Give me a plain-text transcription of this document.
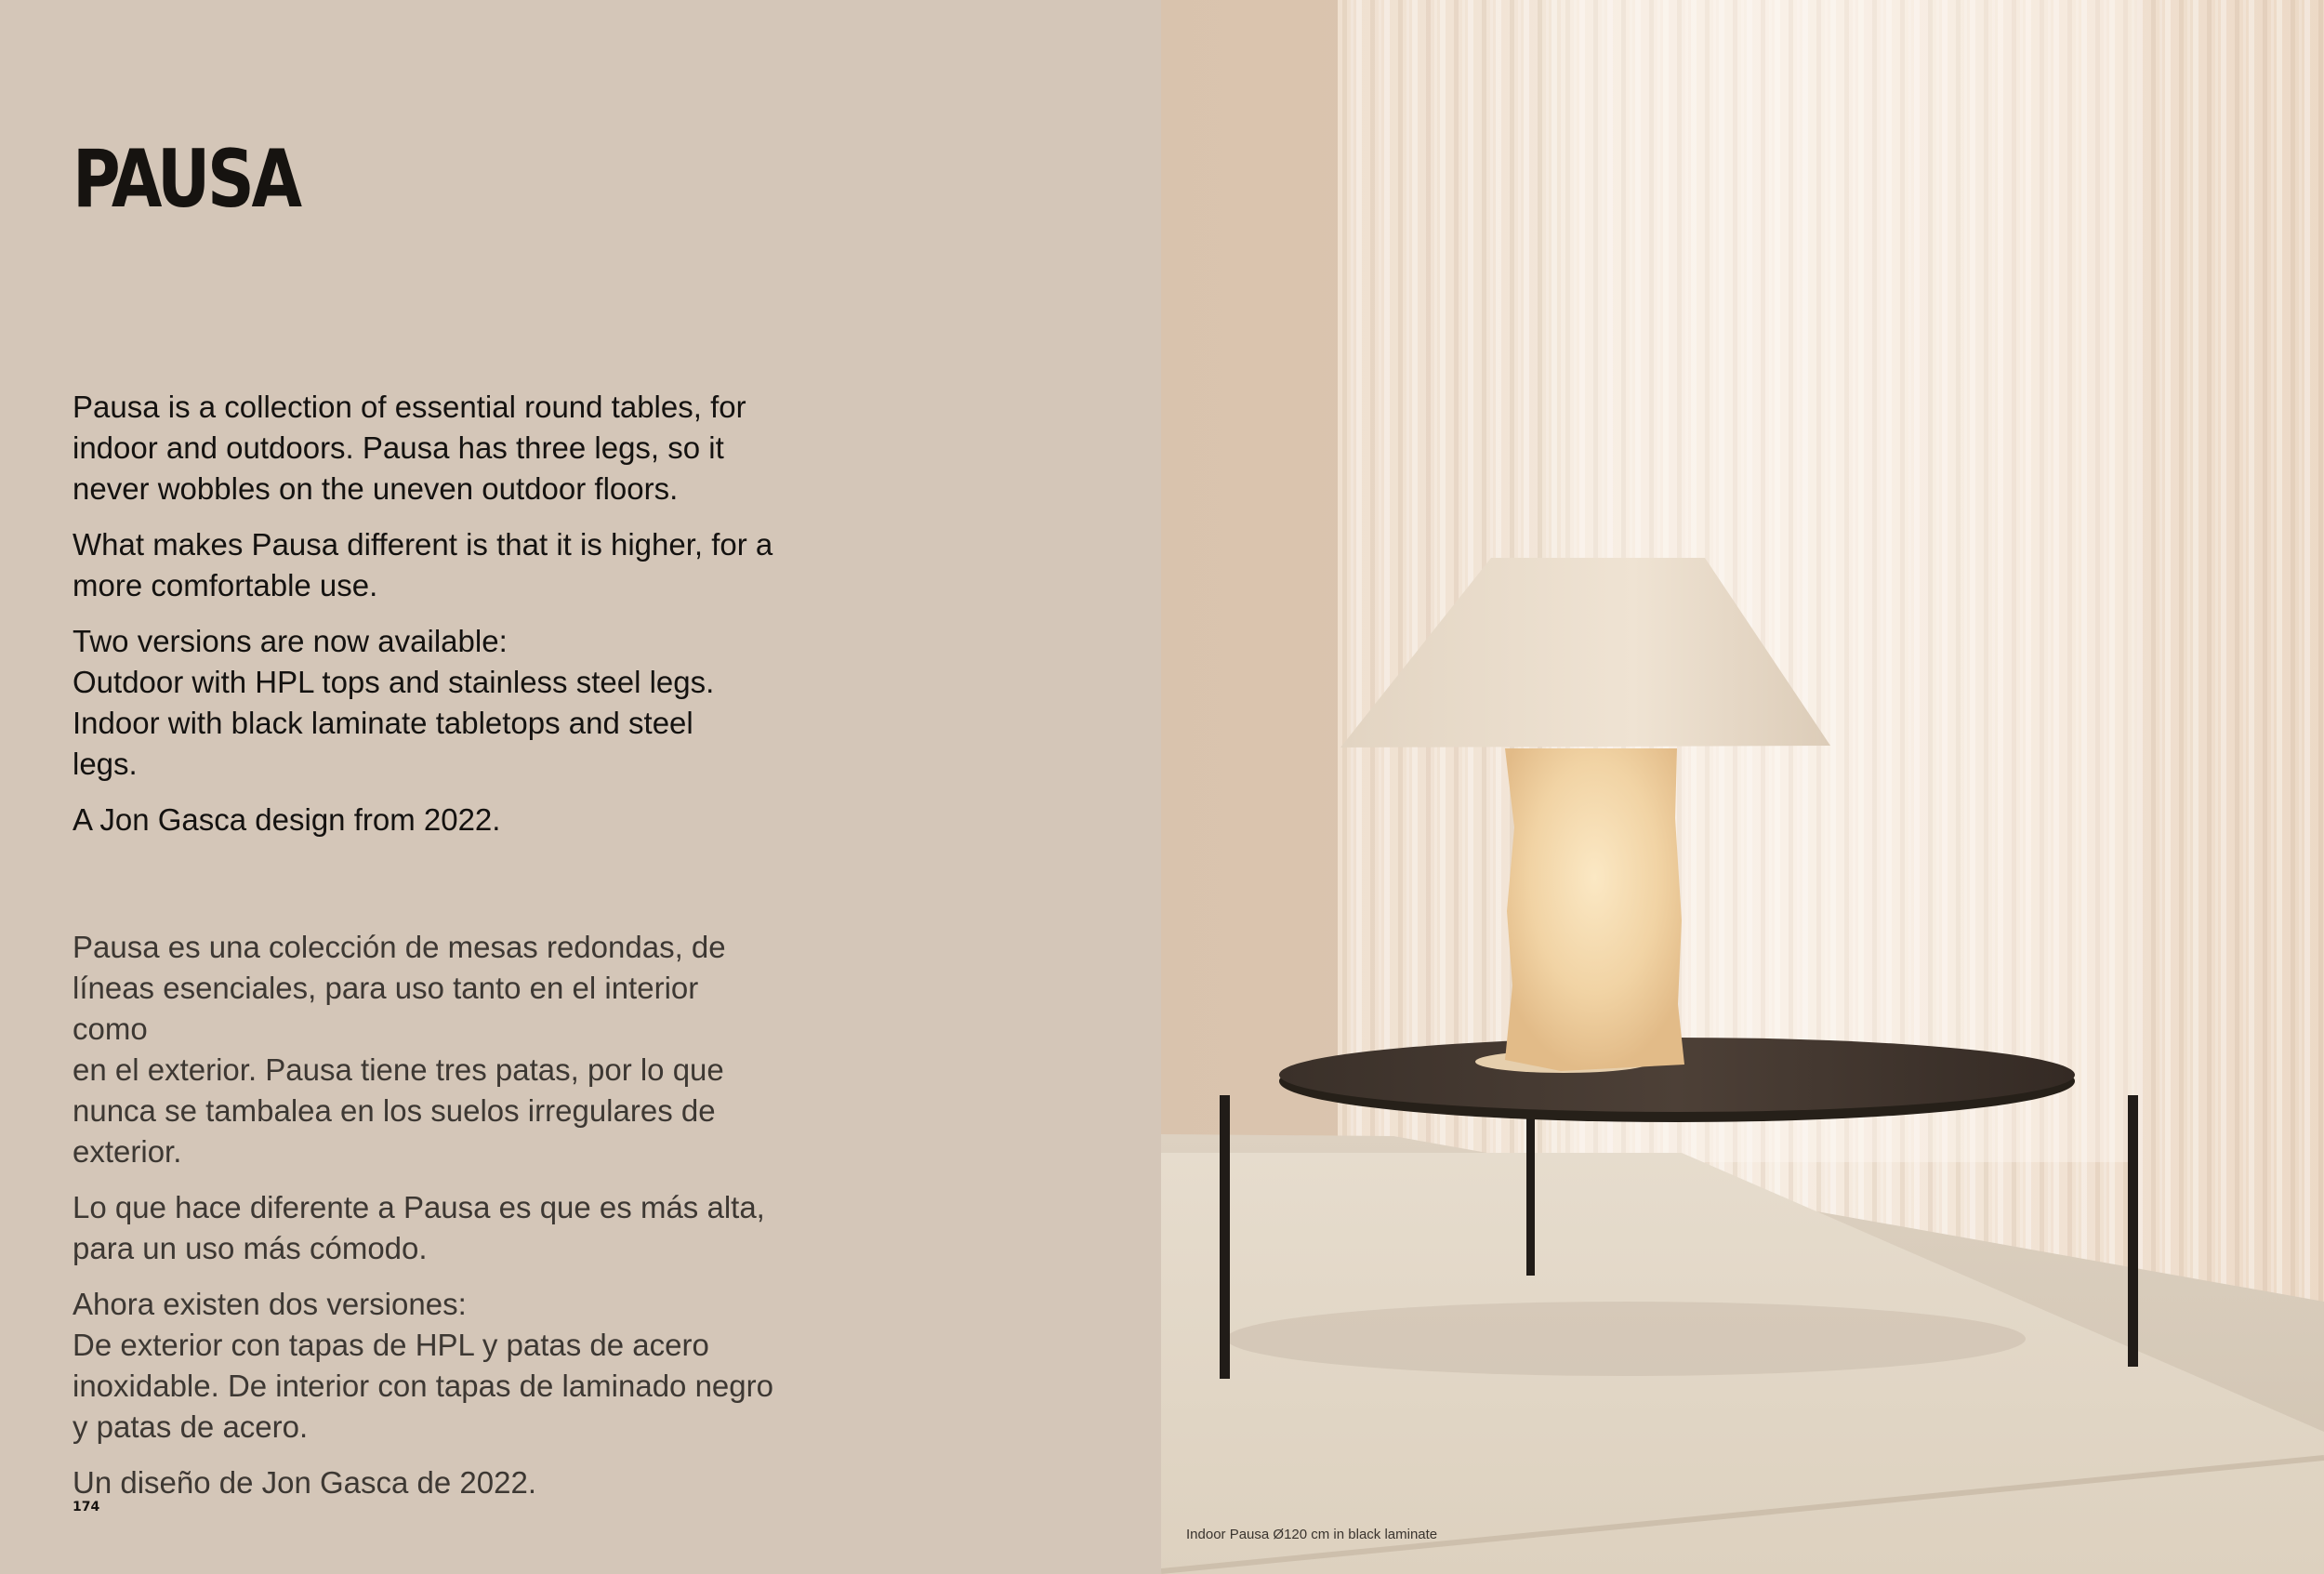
PAUSA

Pausa is a collection of essential round tables, for
indoor and outdoors. Pausa has three legs, so it
never wobbles on the uneven outdoor floors.

What makes Pausa different is that it is higher, for a
more comfortable use.

Two versions are now available:
Outdoor with HPL tops and stainless steel legs.
Indoor with black laminate tabletops and steel
legs.

A Jon Gasca design from 2022.

Pausa es una colección de mesas redondas, de
líneas esenciales, para uso tanto en el interior como
en el exterior. Pausa tiene tres patas, por lo que
nunca se tambalea en los suelos irregulares de
exterior.

Lo que hace diferente a Pausa es que es más alta,
para un uso más cómodo.

Ahora existen dos versiones:
De exterior con tapas de HPL y patas de acero
inoxidable. De interior con tapas de laminado negro
y patas de acero.

Un diseño de Jon Gasca de 2022.

174
Indoor Pausa Ø120 cm in black laminate
